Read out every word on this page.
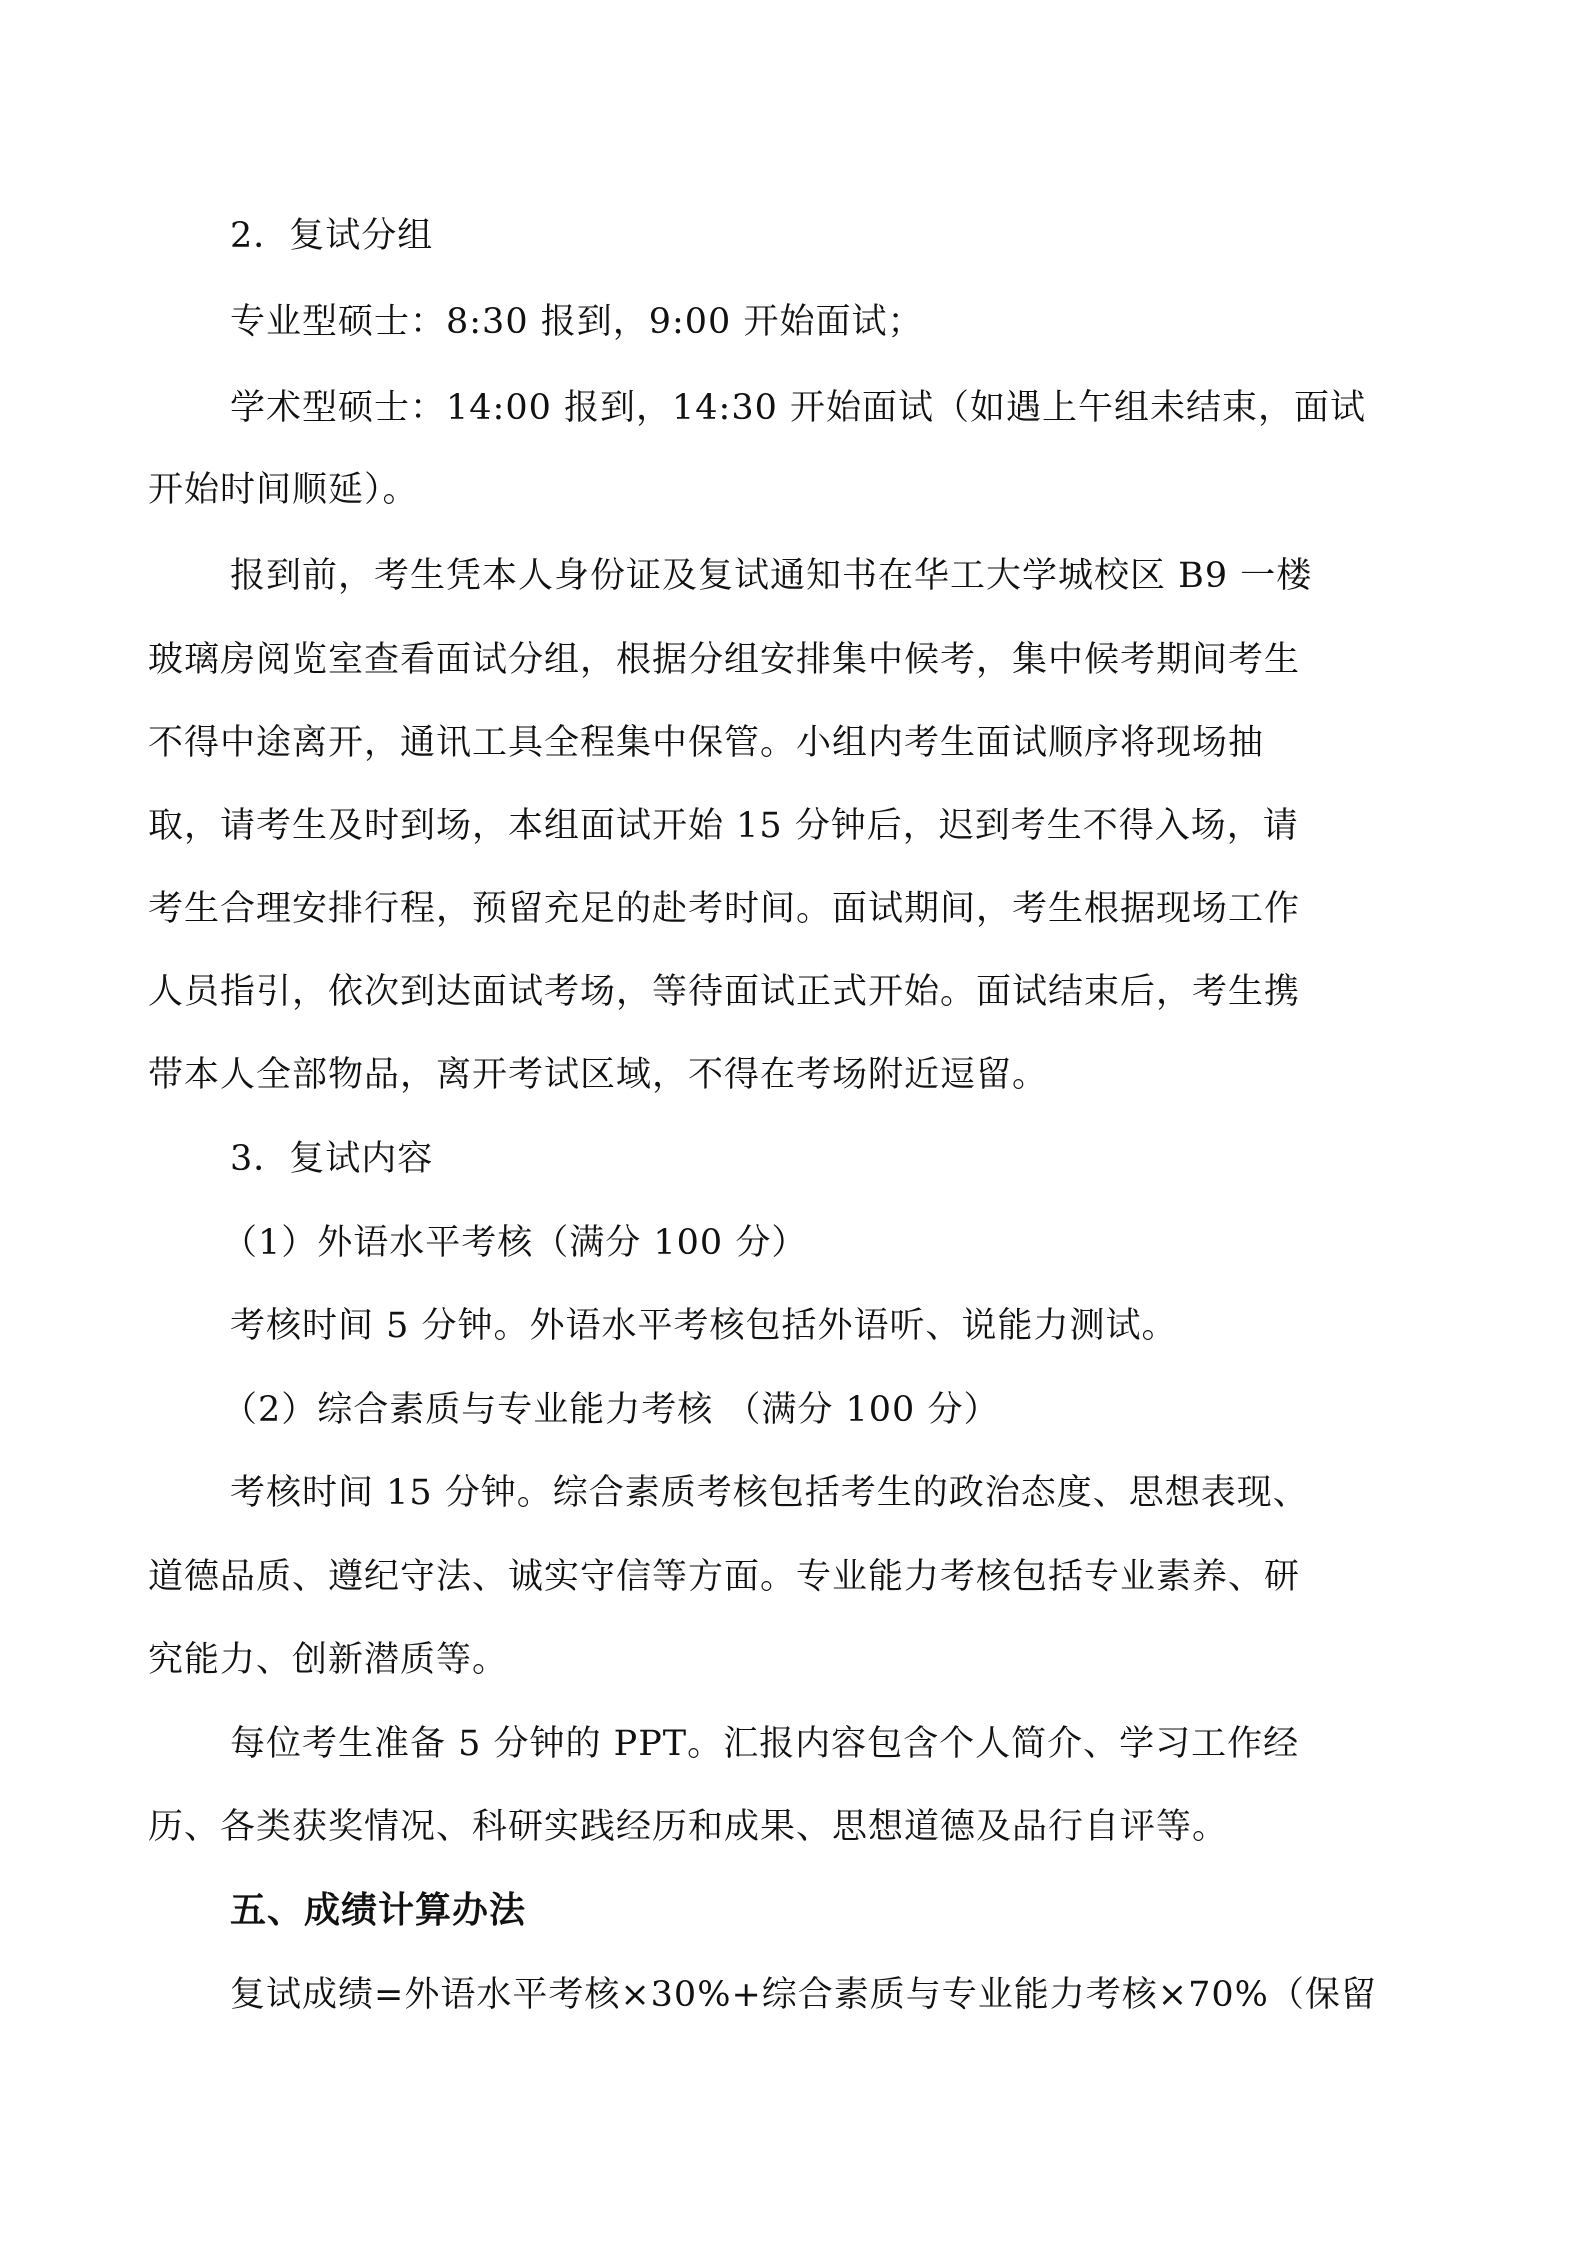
2．复试分组
专业型硕士：8:30 报到，9:00 开始面试；
学术型硕士：14:00 报到，14:30 开始面试（如遇上午组未结束，面试
开始时间顺延）。
报到前，考生凭本人身份证及复试通知书在华工大学城校区 B9 一楼
玻璃房阅览室查看面试分组，根据分组安排集中候考，集中候考期间考生
不得中途离开，通讯工具全程集中保管。小组内考生面试顺序将现场抽
取，请考生及时到场，本组面试开始 15 分钟后，迟到考生不得入场，请
考生合理安排行程，预留充足的赴考时间。面试期间，考生根据现场工作
人员指引，依次到达面试考场，等待面试正式开始。面试结束后，考生携
带本人全部物品，离开考试区域，不得在考场附近逗留。
3．复试内容
（1）外语水平考核（满分 100 分）
考核时间 5 分钟。外语水平考核包括外语听、说能力测试。
（2）综合素质与专业能力考核 （满分 100 分）
考核时间 15 分钟。综合素质考核包括考生的政治态度、思想表现、
道德品质、遵纪守法、诚实守信等方面。专业能力考核包括专业素养、研
究能力、创新潜质等。
每位考生准备 5 分钟的 PPT。汇报内容包含个人简介、学习工作经
历、各类获奖情况、科研实践经历和成果、思想道德及品行自评等。
五、成绩计算办法
复试成绩=外语水平考核×30%+综合素质与专业能力考核×70%（保留
